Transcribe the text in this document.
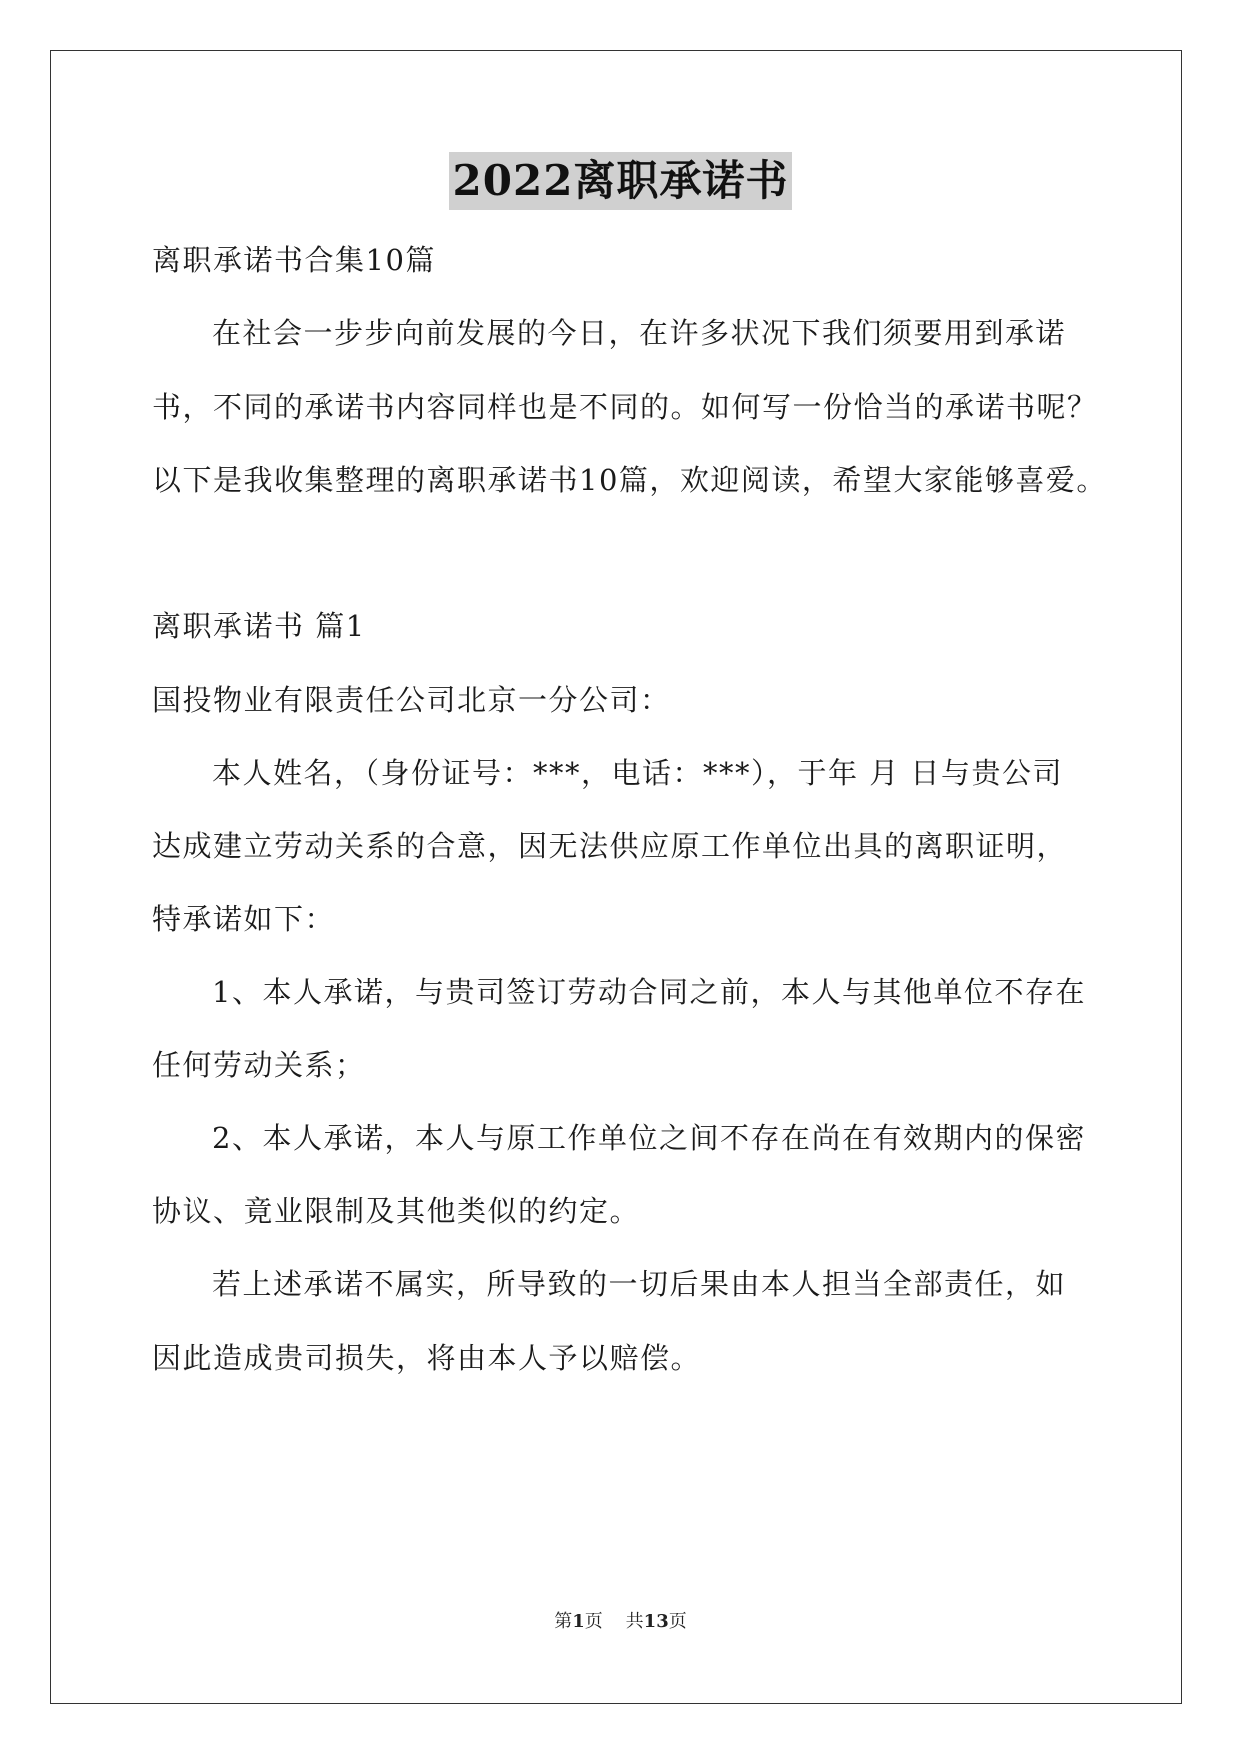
2022离职承诺书
离职承诺书合集10篇
在社会一步步向前发展的今日，在许多状况下我们须要用到承诺
书，不同的承诺书内容同样也是不同的。如何写一份恰当的承诺书呢？
以下是我收集整理的离职承诺书10篇，欢迎阅读，希望大家能够喜爱。
离职承诺书 篇1
国投物业有限责任公司北京一分公司：
本人姓名，（身份证号：***，电话：***），于年 月 日与贵公司
达成建立劳动关系的合意，因无法供应原工作单位出具的离职证明，
特承诺如下：
1、本人承诺，与贵司签订劳动合同之前，本人与其他单位不存在
任何劳动关系；
2、本人承诺，本人与原工作单位之间不存在尚在有效期内的保密
协议、竟业限制及其他类似的约定。
若上述承诺不属实，所导致的一切后果由本人担当全部责任，如
因此造成贵司损失，将由本人予以赔偿。
第1页    共13页
